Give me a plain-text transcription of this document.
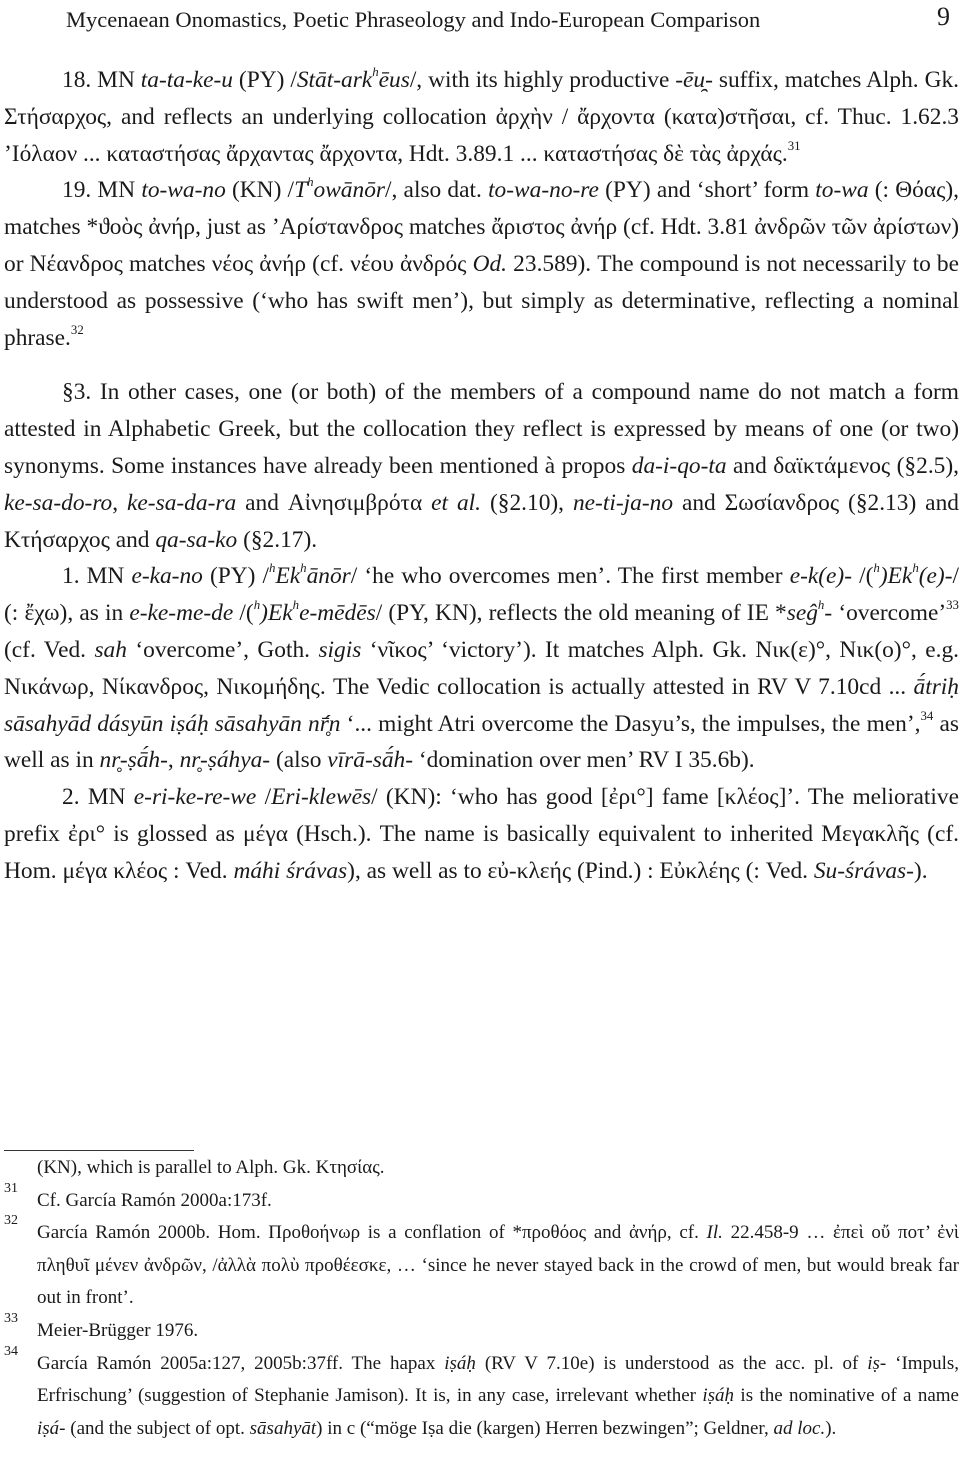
Mycenaean Onomastics, Poetic Phraseology and Indo-European Comparison	9

18. MN ta-ta-ke-u (PY) /Stāt-ark$^h$ēus/, with its highly productive -ēu̯- suffix, matches Alph. Gk. Στήσαρχος, and reflects an underlying collocation ἀρχὴν / ἄρχοντα (κατα)στῆσαι, cf. Thuc. 1.62.3 ’Ιόλαον ... καταστήσας ἄρχαντας ἄρχοντα, Hdt. 3.89.1 ... καταστήσας δὲ τὰς ἀρχάς.$^{31}$

19. MN to-wa-no (KN) $/T^howānōr/$, also dat. to-wa-no-re (PY) and ‘short’ form to-wa (: Θόας), matches *ϑοὸς ἀνήρ, just as ’Αρίστανδρος matches ἄριστος ἀνήρ (cf. Hdt. 3.81 ἀνδρῶν τῶν ἀρίστων) or Νέανδρος matches νέος ἀνήρ (cf. νέου ἀνδρός Od. 23.589). The compound is not necessarily to be understood as possessive (‘who has swift men’), but simply as determinative, reflecting a nominal phrase.$^{32}$

§3. In other cases, one (or both) of the members of a compound name do not match a form attested in Alphabetic Greek, but the collocation they reflect is expressed by means of one (or two) synonyms. Some instances have already been mentioned à propos da-i-qo-ta and δαϊκτάμενος (§2.5), ke-sa-do-ro, ke-sa-da-ra and Αἰνησιμβρότα et al. (§2.10), ne-ti-ja-no and Σωσίανδρος (§2.13) and Κτήσαρχος and qa-sa-ko (§2.17).

1. MN e-ka-no (PY) /$^h$Ek$^h$ānōr/ ‘he who overcomes men’. The first member e-k(e)- /($^h$)Ek$^h$(e)-/ (: ἔχω), as in e-ke-me-de /($^h$)Ek$^h$e-mēdēs/ (PY, KN), reflects the old meaning of IE *seĝ$^h$- ‘overcome’$^{33}$ (cf. Ved. sah ‘overcome’, Goth. sigis ‘νῖκος’ ‘victory’). It matches Alph. Gk. Νικ(ε)°, Νικ(ο)°, e.g. Νικάνωρ, Νίκανδρος, Νικομήδης. The Vedic collocation is actually attested in RV V 7.10cd ... ā́triḥ sāsahyād dásyūn iṣáḥ sāsahyān nr̥̄́n ‘... might Atri overcome the Dasyu’s, the impulses, the men’,$^{34}$ as well as in nr̥-ṣā́h-, nr̥-ṣáhya- (also vīrā-sā́h- ‘domination over men’ RV I 35.6b).

2. MN e-ri-ke-re-we /Eri-klewēs/ (KN): ‘who has good [ἐρι°] fame [κλέος]’. The meliorative prefix ἐρι° is glossed as μέγα (Hsch.). The name is basically equivalent to inherited Μεγακλῆς (cf. Hom. μέγα κλέος : Ved. máhi śrávas), as well as to εὐ-κλεής (Pind.) : Εὐκλέης (: Ved. Su-śrávas-).

(KN), which is parallel to Alph. Gk. Κτησίας.

31
Cf. García Ramón 2000a:173f.

32
García Ramón 2000b. Hom. Προθοήνωρ is a conflation of *προθόος and ἀνήρ, cf. Il. 22.458-9 … ἐπεὶ οὔ ποτ’ ἐνὶ πληθυῖ μένεν ἀνδρῶν, /ἀλλὰ πολὺ προθέεσκε, … ‘since he never stayed back in the crowd of men, but would break far out in front’.

33
Meier-Brügger 1976.

34
García Ramón 2005a:127, 2005b:37ff. The hapax iṣáḥ (RV V 7.10e) is understood as the acc. pl. of iṣ- ‘Impuls, Erfrischung’ (suggestion of Stephanie Jamison). It is, in any case, irrelevant whether iṣáḥ is the nominative of a name iṣá- (and the subject of opt. sāsahyāt) in c (“möge Iṣa die (kargen) Herren bezwingen”; Geldner, ad loc.).
